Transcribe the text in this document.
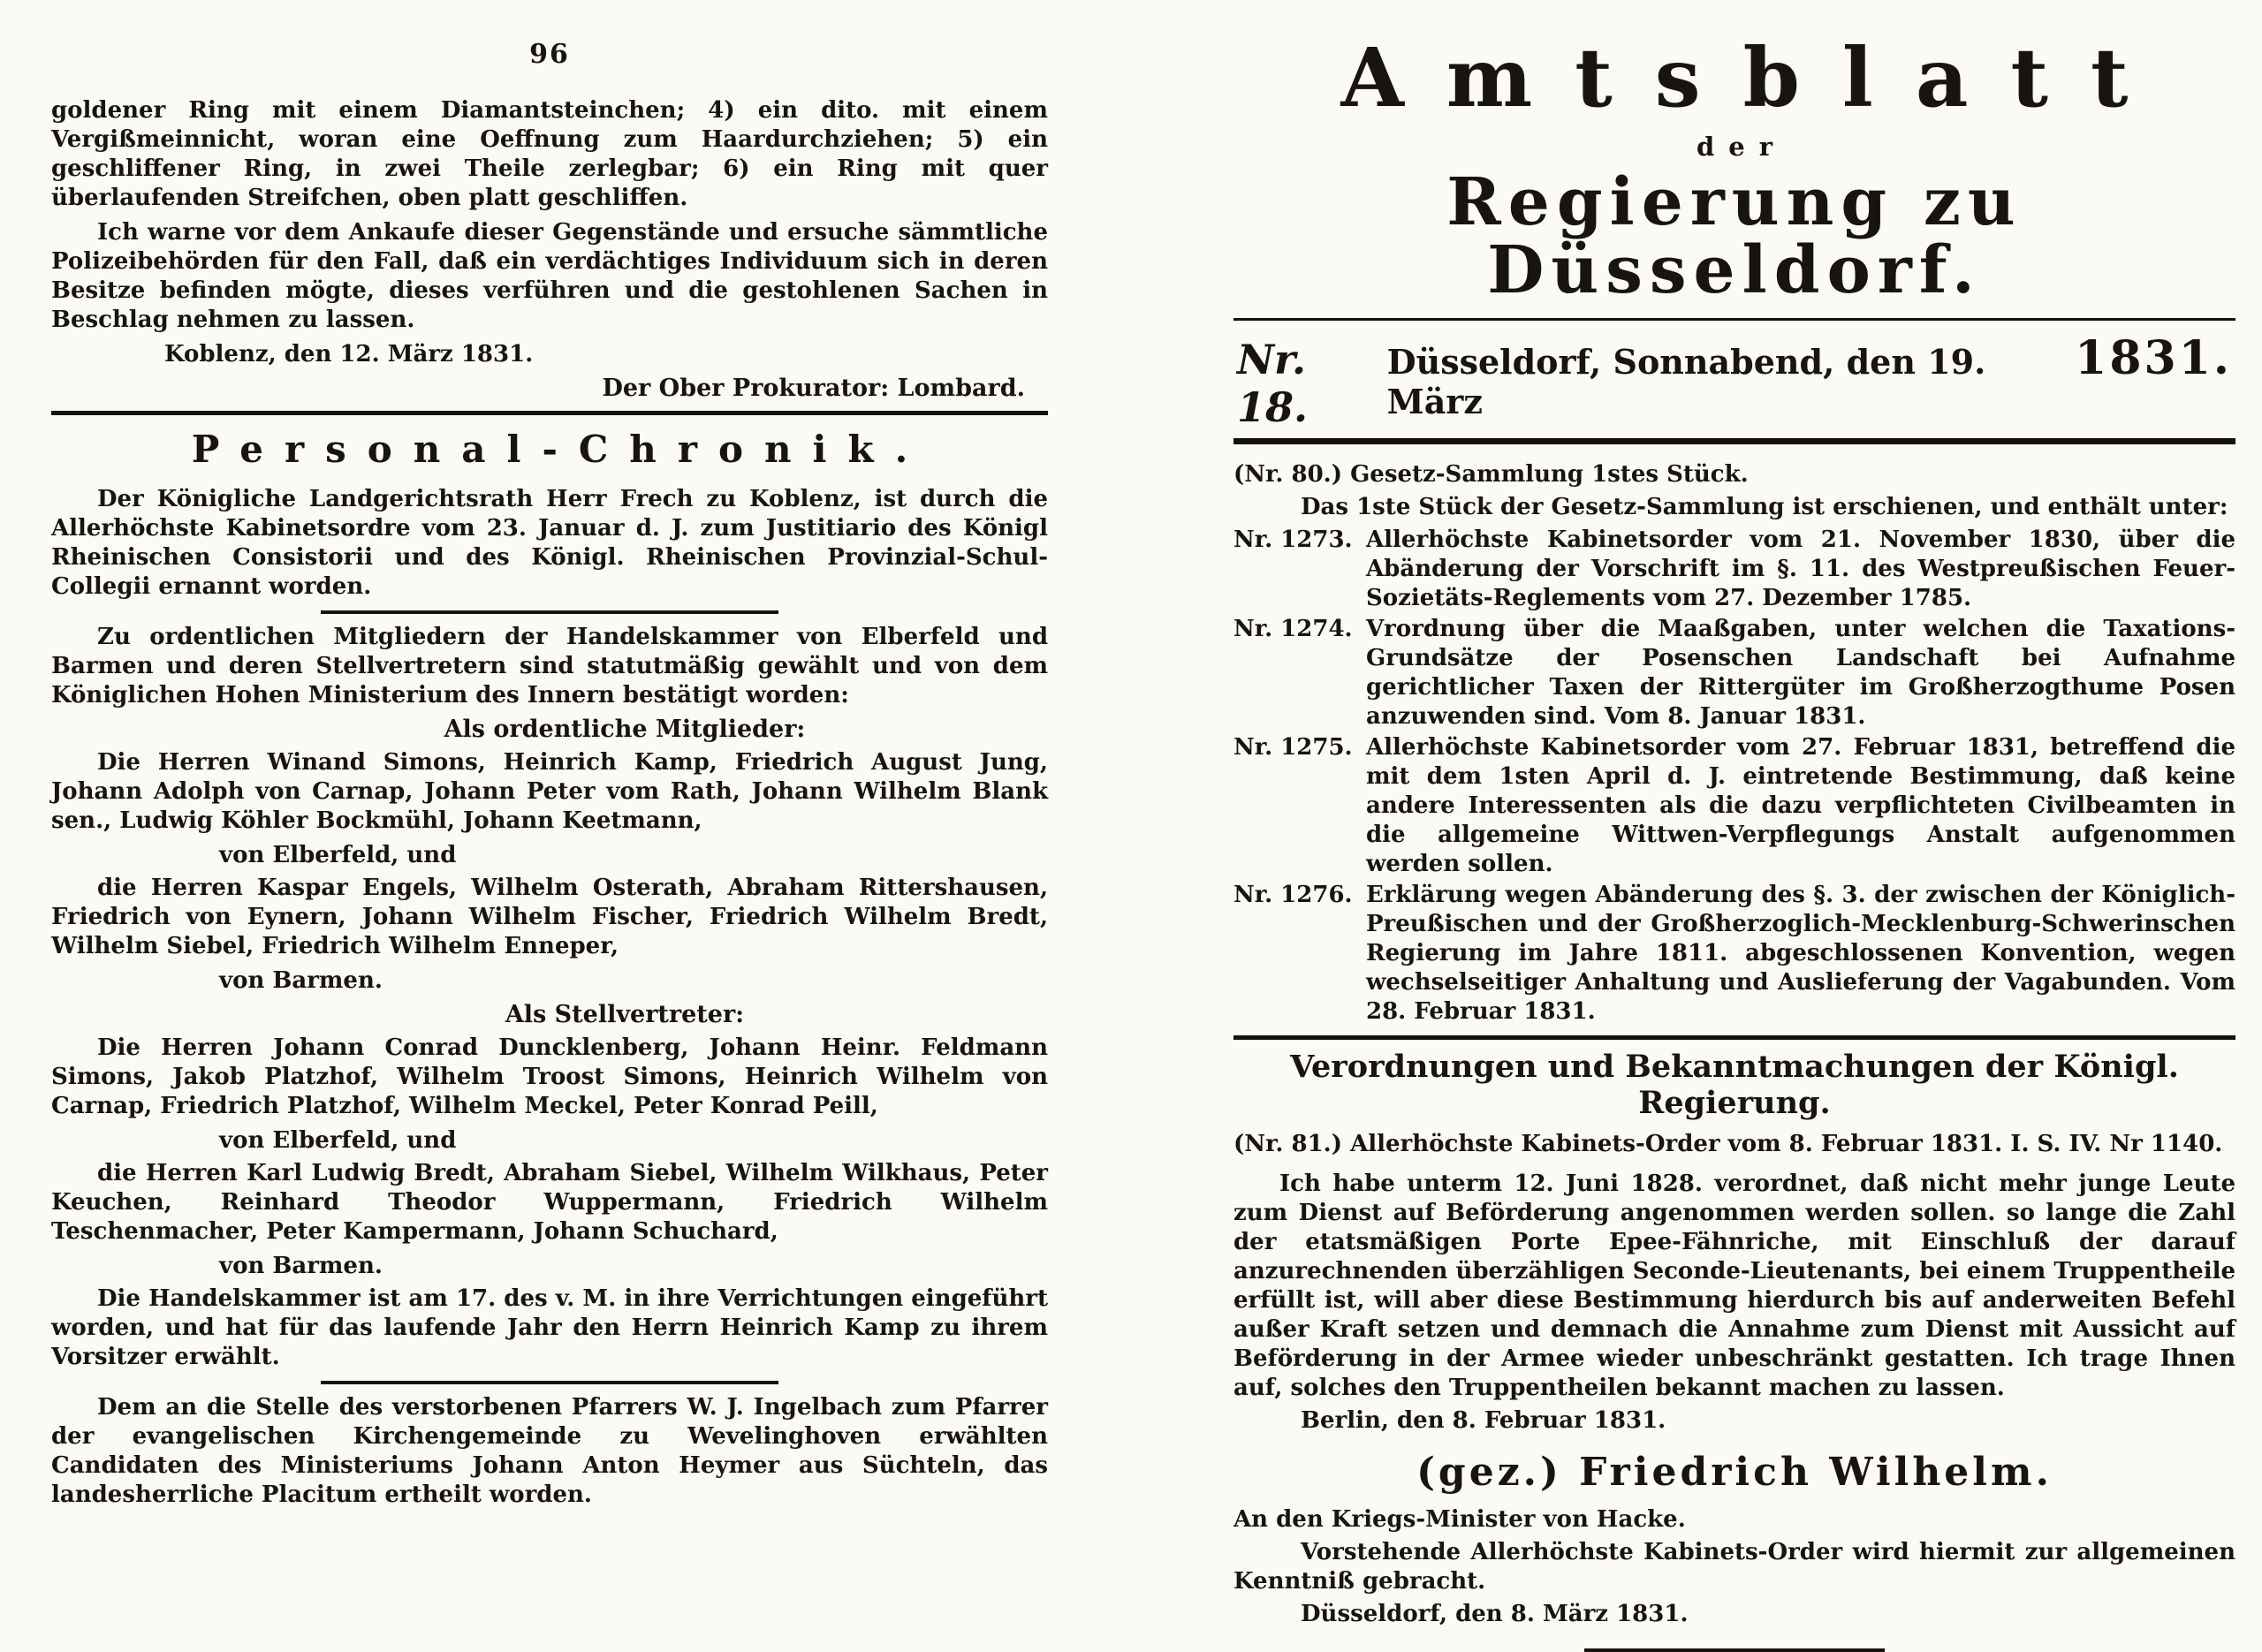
96

goldener Ring mit einem Diamantsteinchen; 4) ein dito. mit einem Vergißmeinnicht, woran eine Oeffnung zum Haardurchziehen; 5) ein geschliffener Ring, in zwei Theile zerlegbar; 6) ein Ring mit quer überlaufenden Streifchen, oben platt geschliffen.

Ich warne vor dem Ankaufe dieser Gegenstände und ersuche sämmtliche Polizeibehörden für den Fall, daß ein verdächtiges Individuum sich in deren Besitze befinden mögte, dieses verführen und die gestohlenen Sachen in Beschlag nehmen zu lassen.

Koblenz, den 12. März 1831.
Der Ober Prokurator: Lombard.
Personal-Chronik.

Der Königliche Landgerichtsrath Herr Frech zu Koblenz, ist durch die Allerhöchste Kabinetsordre vom 23. Januar d. J. zum Justitiario des Königl Rheinischen Consistorii und des Königl. Rheinischen Provinzial-Schul-Collegii ernannt worden.

Zu ordentlichen Mitgliedern der Handelskammer von Elberfeld und Barmen und deren Stellvertretern sind statutmäßig gewählt und von dem Königlichen Hohen Ministerium des Innern bestätigt worden:

Als ordentliche Mitglieder:

Die Herren Winand Simons, Heinrich Kamp, Friedrich August Jung, Johann Adolph von Carnap, Johann Peter vom Rath, Johann Wilhelm Blank sen., Ludwig Köhler Bockmühl, Johann Keetmann,

von Elberfeld, und

die Herren Kaspar Engels, Wilhelm Osterath, Abraham Rittershausen, Friedrich von Eynern, Johann Wilhelm Fischer, Friedrich Wilhelm Bredt, Wilhelm Siebel, Friedrich Wilhelm Enneper,

von Barmen.
Als Stellvertreter:

Die Herren Johann Conrad Duncklenberg, Johann Heinr. Feldmann Simons, Jakob Platzhof, Wilhelm Troost Simons, Heinrich Wilhelm von Carnap, Friedrich Platzhof, Wilhelm Meckel, Peter Konrad Peill,

von Elberfeld, und

die Herren Karl Ludwig Bredt, Abraham Siebel, Wilhelm Wilkhaus, Peter Keuchen, Reinhard Theodor Wuppermann, Friedrich Wilhelm Teschenmacher, Peter Kampermann, Johann Schuchard,

von Barmen.

Die Handelskammer ist am 17. des v. M. in ihre Verrichtungen eingeführt worden, und hat für das laufende Jahr den Herrn Heinrich Kamp zu ihrem Vorsitzer erwählt.

Dem an die Stelle des verstorbenen Pfarrers W. J. Ingelbach zum Pfarrer der evangelischen Kirchengemeinde zu Wevelinghoven erwählten Candidaten des Ministeriums Johann Anton Heymer aus Süchteln, das landesherrliche Placitum ertheilt worden.

Amtsblatt
der
Regierung zu Düsseldorf.
Nr. 18.
Düsseldorf, Sonnabend, den 19. März
1831.
(Nr. 80.) Gesetz-Sammlung 1stes Stück.
Das 1ste Stück der Gesetz-Sammlung ist erschienen, und enthält unter:
Nr. 1273. Allerhöchste Kabinetsorder vom 21. November 1830, über die Abänderung der Vorschrift im §. 11. des Westpreußischen Feuer-Sozietäts-Reglements vom 27. Dezember 1785.
Nr. 1274. Vrordnung über die Maaßgaben, unter welchen die Taxations-Grundsätze der Posenschen Landschaft bei Aufnahme gerichtlicher Taxen der Rittergüter im Großherzogthume Posen anzuwenden sind. Vom 8. Januar 1831.
Nr. 1275. Allerhöchste Kabinetsorder vom 27. Februar 1831, betreffend die mit dem 1sten April d. J. eintretende Bestimmung, daß keine andere Interessenten als die dazu verpflichteten Civilbeamten in die allgemeine Wittwen-Verpflegungs Anstalt aufgenommen werden sollen.
Nr. 1276. Erklärung wegen Abänderung des §. 3. der zwischen der Königlich-Preußischen und der Großherzoglich-Mecklenburg-Schwerinschen Regierung im Jahre 1811. abgeschlossenen Konvention, wegen wechselseitiger Anhaltung und Auslieferung der Vagabunden. Vom 28. Februar 1831.
Verordnungen und Bekanntmachungen der Königl. Regierung.
(Nr. 81.) Allerhöchste Kabinets-Order vom 8. Februar 1831. I. S. IV. Nr 1140.

Ich habe unterm 12. Juni 1828. verordnet, daß nicht mehr junge Leute zum Dienst auf Beförderung angenommen werden sollen. so lange die Zahl der etatsmäßigen Porte Epee-Fähnriche, mit Einschluß der darauf anzurechnenden überzähligen Seconde-Lieutenants, bei einem Truppentheile erfüllt ist, will aber diese Bestimmung hierdurch bis auf anderweiten Befehl außer Kraft setzen und demnach die Annahme zum Dienst mit Aussicht auf Beförderung in der Armee wieder unbeschränkt gestatten. Ich trage Ihnen auf, solches den Truppentheilen bekannt machen zu lassen.

Berlin, den 8. Februar 1831.
(gez.) Friedrich Wilhelm.
An den Kriegs-Minister von Hacke.

Vorstehende Allerhöchste Kabinets-Order wird hiermit zur allgemeinen Kenntniß gebracht.

Düsseldorf, den 8. März 1831.
